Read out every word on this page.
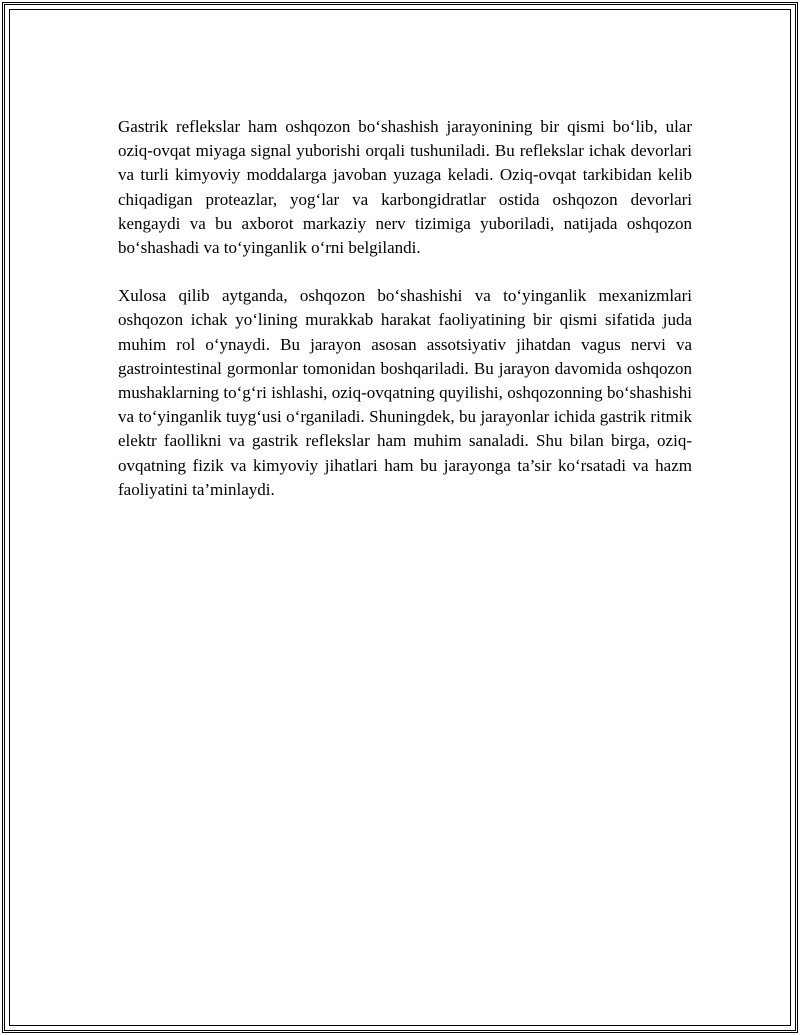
Gastrik reflekslar ham oshqozon bo‘shashish jarayonining bir qismi bo‘lib, ular oziq-ovqat miyaga signal yuborishi orqali tushuniladi. Bu reflekslar ichak devorlari va turli kimyoviy moddalarga javoban yuzaga keladi. Oziq-ovqat tarkibidan kelib chiqadigan proteazlar, yog‘lar va karbongidratlar ostida oshqozon devorlari kengaydi va bu axborot markaziy nerv tizimiga yuboriladi, natijada oshqozon bo‘shashadi va to‘yinganlik o‘rni belgilandi.

Xulosa qilib aytganda, oshqozon bo‘shashishi va to‘yinganlik mexanizmlari oshqozon ichak yo‘lining murakkab harakat faoliyatining bir qismi sifatida juda muhim rol o‘ynaydi. Bu jarayon asosan assotsiyativ jihatdan vagus nervi va gastrointestinal gormonlar tomonidan boshqariladi. Bu jarayon davomida oshqozon mushaklarning to‘g‘ri ishlashi, oziq-ovqatning quyilishi, oshqozonning bo‘shashishi va to‘yinganlik tuyg‘usi o‘rganiladi. Shuningdek, bu jarayonlar ichida gastrik ritmik elektr faollikni va gastrik reflekslar ham muhim sanaladi. Shu bilan birga, oziq-ovqatning fizik va kimyoviy jihatlari ham bu jarayonga ta’sir ko‘rsatadi va hazm faoliyatini ta’minlaydi.
